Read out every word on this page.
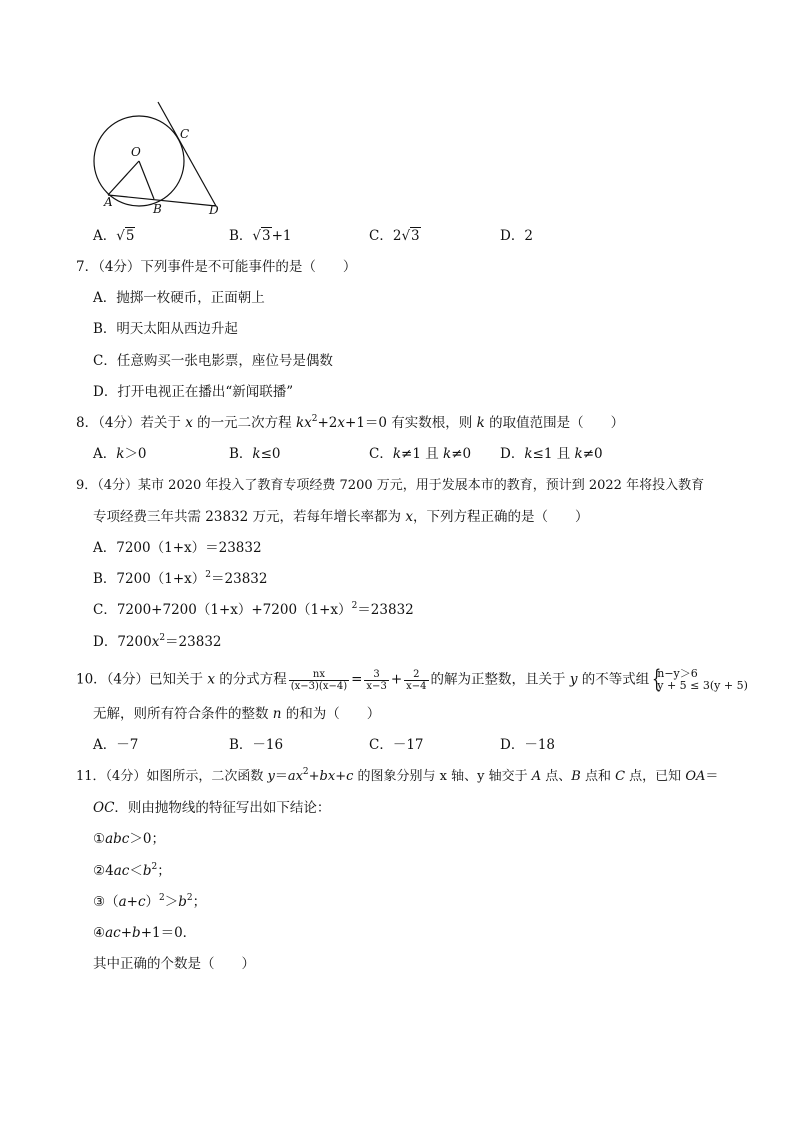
O
A	B
C
D
A．√5	B．√3+1	C．2√3	D．2
7．（4分）下列事件是不可能事件的是（　　）
A．抛掷一枚硬币，正面朝上
B．明天太阳从西边升起
C．任意购买一张电影票，座位号是偶数
D．打开电视正在播出“新闻联播”
8．（4分）若关于 x 的一元二次方程 $kx^2+2x+1=0$ 有实数根，则 k 的取值范围是（　　）
A．k＞0	B．k≤0	C．k≠1 且 k≠0 D．k≤1 且 k≠0
9．（4分）某市 2020 年投入了教育专项经费 7200 万元，用于发展本市的教育，预计到 2022 年将投入教育
专项经费三年共需 23832 万元，若每年增长率都为 x，下列方程正确的是（　　）
A．7200（1+x）＝23832
B．$7200(1+x)^2=23832$
C．$7200+7200(1+x)+7200(1+x)^2=23832$
D．$7200x^2=23832$
10．（4分）已知关于 x 的分式方程 $\frac{nx}{(x-3)(x-4)} = \frac{3}{x-3} + \frac{2}{x-4}$ 的解为正整数，且关于 y 的不等式组 {
n−y＞6
y + 5 ≤ 3(y + 5)
无解，则所有符合条件的整数 n 的和为（　　）
A．－7	B．－16	C．－17	D．－18
11．（4分）如图所示，二次函数 $y=ax^2+bx+c$ 的图象分别与 x 轴、y 轴交于 A 点、B 点和 C 点，已知 OA＝
OC．则由抛物线的特征写出如下结论：
①abc＞0；
$②4ac<b^2$；
$③(a+c)^2>b^2$；
④ac+b+1＝0．
其中正确的个数是（　　）
